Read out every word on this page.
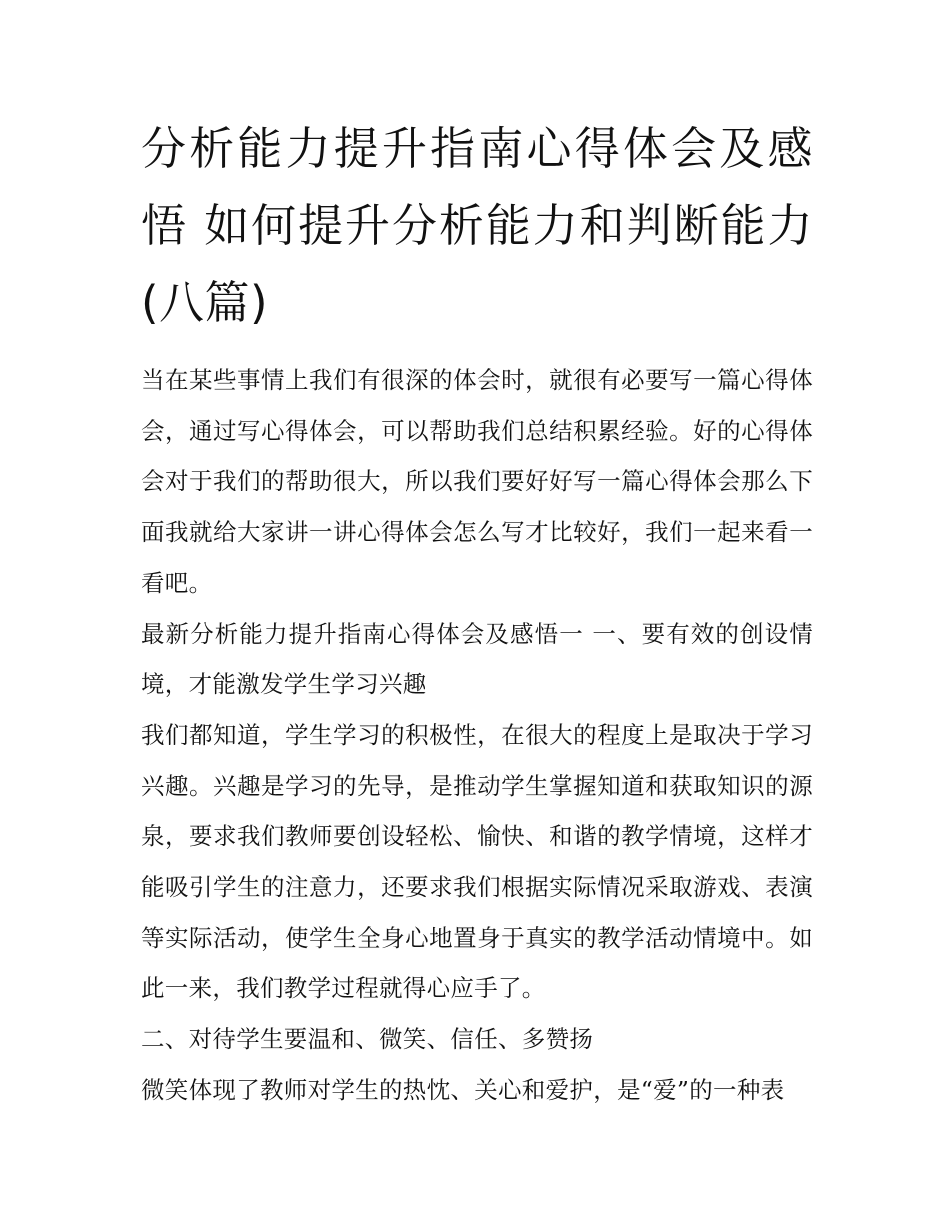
分析能力提升指南心得体会及感悟 如何提升分析能力和判断能力(八篇)

当在某些事情上我们有很深的体会时，就很有必要写一篇心得体会，通过写心得体会，可以帮助我们总结积累经验。好的心得体会对于我们的帮助很大，所以我们要好好写一篇心得体会那么下面我就给大家讲一讲心得体会怎么写才比较好，我们一起来看一看吧。

最新分析能力提升指南心得体会及感悟一 一、要有效的创设情境，才能激发学生学习兴趣

我们都知道，学生学习的积极性，在很大的程度上是取决于学习兴趣。兴趣是学习的先导，是推动学生掌握知道和获取知识的源泉，要求我们教师要创设轻松、愉快、和谐的教学情境，这样才能吸引学生的注意力，还要求我们根据实际情况采取游戏、表演等实际活动，使学生全身心地置身于真实的教学活动情境中。如此一来，我们教学过程就得心应手了。

二、对待学生要温和、微笑、信任、多赞扬

微笑体现了教师对学生的热忱、关心和爱护，是“爱”的一种表
